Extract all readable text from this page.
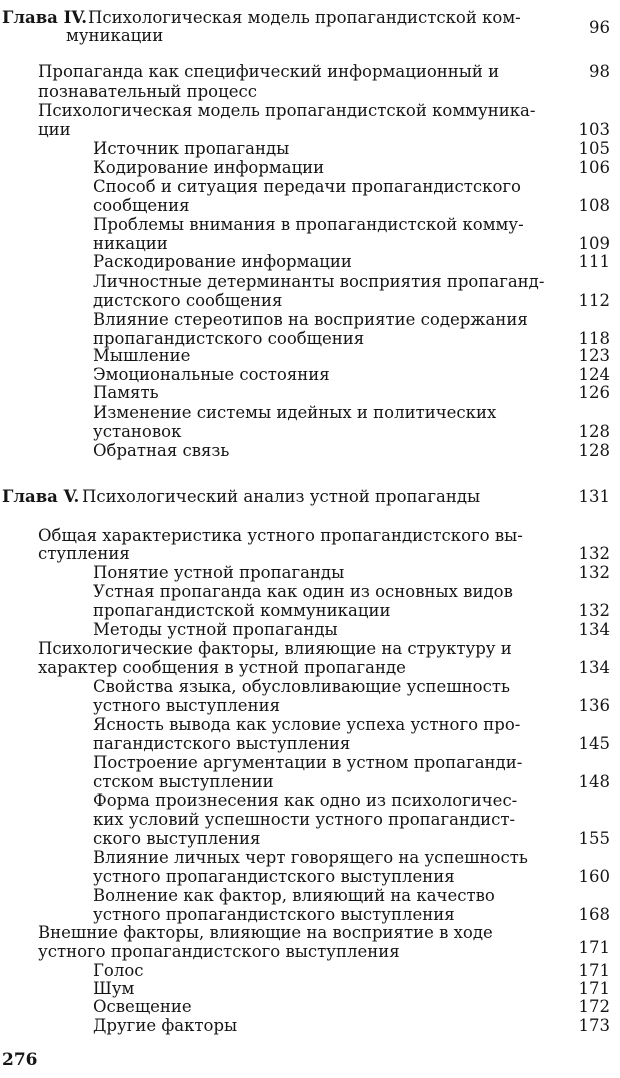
Глава IV. Психологическая модель пропагандистской ком-
муникации	96
Пропаганда как специфический информационный и	98
познавательный процесс
Психологическая модель пропагандистской коммуника-
ции	103
Источник пропаганды	105
Кодирование информации	106
Способ и ситуация передачи пропагандистского
сообщения	108
Проблемы внимания в пропагандистской комму-
никации	109
Раскодирование информации	111
Личностные детерминанты восприятия пропаганд-
дистского сообщения	112
Влияние стереотипов на восприятие содержания
пропагандистского сообщения	118
Мышление	123
Эмоциональные состояния	124
Память	126
Изменение системы идейных и политических
установок	128
Обратная связь	128
Глава V. Психологический анализ устной пропаганды	131
Общая характеристика устного пропагандистского вы-
ступления	132
Понятие устной пропаганды	132
Устная пропаганда как один из основных видов
пропагандистской коммуникации	132
Методы устной пропаганды	134
Психологические факторы, влияющие на структуру и
характер сообщения в устной пропаганде	134
Свойства языка, обусловливающие успешность
устного выступления	136
Ясность вывода как условие успеха устного про-
пагандистского выступления	145
Построение аргументации в устном пропаганди-
стском выступлении	148
Форма произнесения как одно из психологичес-
ких условий успешности устного пропагандист-
ского выступления	155
Влияние личных черт говорящего на успешность
устного пропагандистского выступления	160
Волнение как фактор, влияющий на качество
устного пропагандистского выступления	168
Внешние факторы, влияющие на восприятие в ходе
устного пропагандистского выступления	171
Голос	171
Шум	171
Освещение	172
Другие факторы	173
276
